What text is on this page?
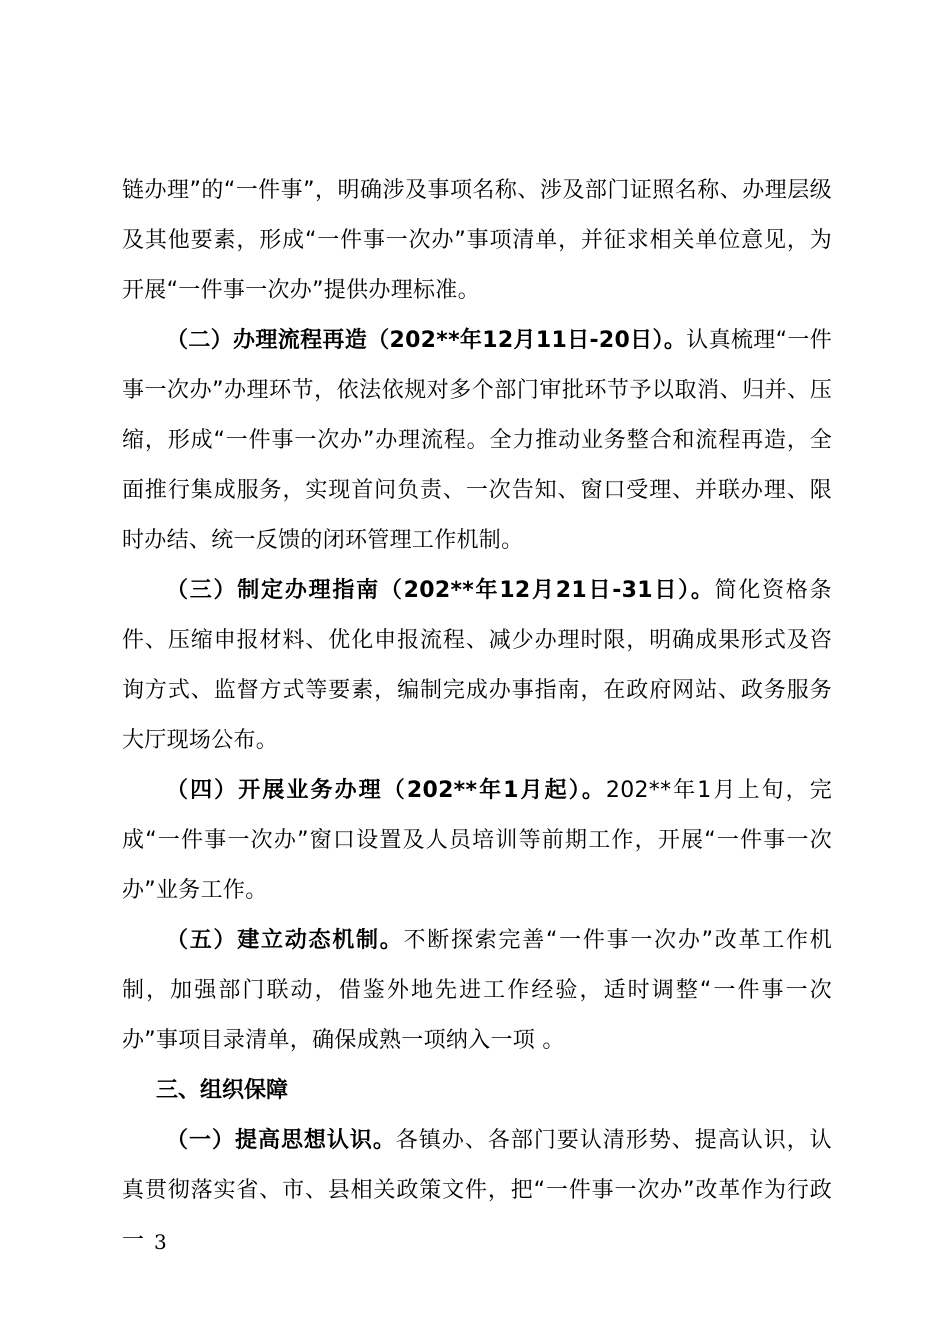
链办理”的“一件事”，明确涉及事项名称、涉及部门证照名称、办理层级及其他要素，形成“一件事一次办”事项清单，并征求相关单位意见，为开展“一件事一次办”提供办理标准。

（二）办理流程再造（202**年12月11日-20日）。认真梳理“一件事一次办”办理环节，依法依规对多个部门审批环节予以取消、归并、压缩，形成“一件事一次办”办理流程。全力推动业务整合和流程再造，全面推行集成服务，实现首问负责、一次告知、窗口受理、并联办理、限时办结、统一反馈的闭环管理工作机制。

（三）制定办理指南（202**年12月21日-31日）。简化资格条件、压缩申报材料、优化申报流程、减少办理时限，明确成果形式及咨询方式、监督方式等要素，编制完成办事指南，在政府网站、政务服务大厅现场公布。

（四）开展业务办理（202**年1月起）。202**年1月上旬，完成“一件事一次办”窗口设置及人员培训等前期工作，开展“一件事一次办”业务工作。

（五）建立动态机制。不断探索完善“一件事一次办”改革工作机制，加强部门联动，借鉴外地先进工作经验，适时调整“一件事一次办”事项目录清单，确保成熟一项纳入一项 。

三、组织保障

（一）提高思想认识。各镇办、各部门要认清形势、提高认识，认真贯彻落实省、市、县相关政策文件，把“一件事一次办”改革作为行政一 3
